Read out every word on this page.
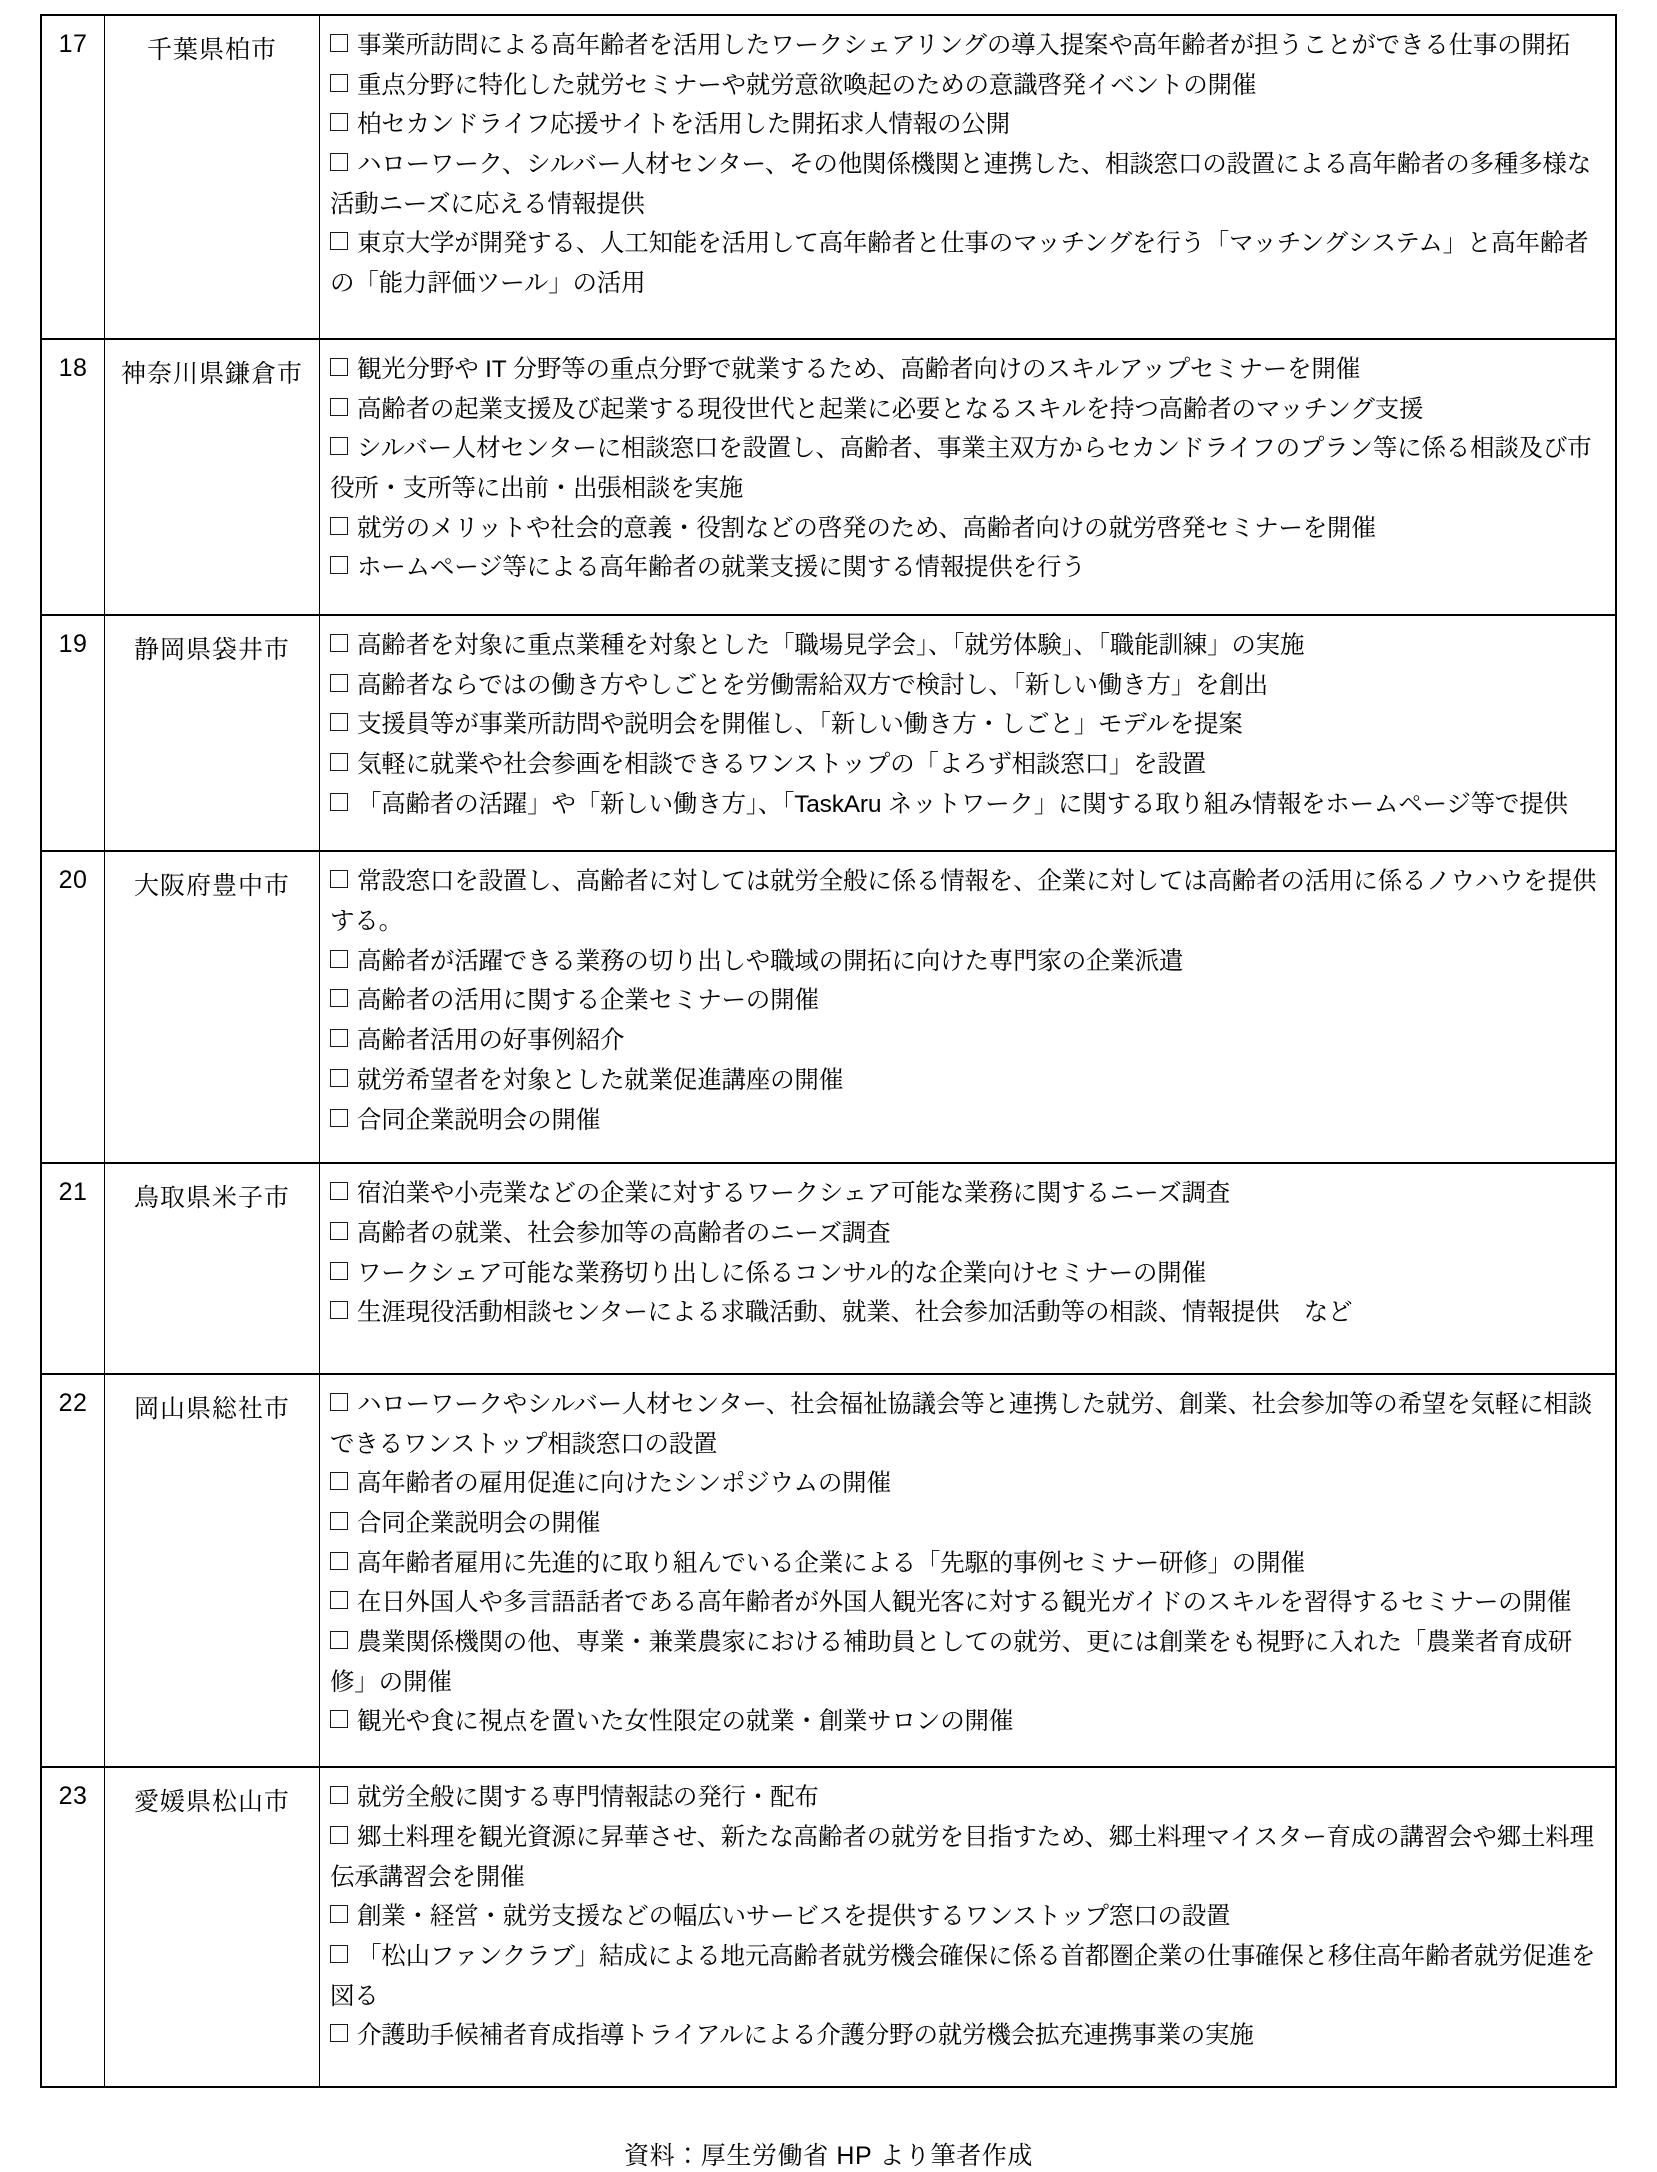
17	千葉県柏市	事業所訪問による高年齢者を活用したワークシェアリングの導入提案や高年齢者が担うことができる仕事の開拓
重点分野に特化した就労セミナーや就労意欲喚起のための意識啓発イベントの開催
柏セカンドライフ応援サイトを活用した開拓求人情報の公開
ハローワーク、シルバー人材センター、その他関係機関と連携した、相談窓口の設置による高年齢者の多種多様な活動ニーズに応える情報提供
東京大学が開発する、人工知能を活用して高年齢者と仕事のマッチングを行う「マッチングシステム」と高年齢者の「能力評価ツール」の活用

18	神奈川県鎌倉市	観光分野や IT 分野等の重点分野で就業するため、高齢者向けのスキルアップセミナーを開催
高齢者の起業支援及び起業する現役世代と起業に必要となるスキルを持つ高齢者のマッチング支援
シルバー人材センターに相談窓口を設置し、高齢者、事業主双方からセカンドライフのプラン等に係る相談及び市役所・支所等に出前・出張相談を実施
就労のメリットや社会的意義・役割などの啓発のため、高齢者向けの就労啓発セミナーを開催
ホームページ等による高年齢者の就業支援に関する情報提供を行う

19	静岡県袋井市	高齢者を対象に重点業種を対象とした「職場見学会」、「就労体験」、「職能訓練」の実施
高齢者ならではの働き方やしごとを労働需給双方で検討し、「新しい働き方」を創出
支援員等が事業所訪問や説明会を開催し、「新しい働き方・しごと」モデルを提案
気軽に就業や社会参画を相談できるワンストップの「よろず相談窓口」を設置
「高齢者の活躍」や「新しい働き方」、「TaskAru ネットワーク」に関する取り組み情報をホームページ等で提供

20	大阪府豊中市	常設窓口を設置し、高齢者に対しては就労全般に係る情報を、企業に対しては高齢者の活用に係るノウハウを提供する。
高齢者が活躍できる業務の切り出しや職域の開拓に向けた専門家の企業派遣
高齢者の活用に関する企業セミナーの開催
高齢者活用の好事例紹介
就労希望者を対象とした就業促進講座の開催
合同企業説明会の開催

21	鳥取県米子市	宿泊業や小売業などの企業に対するワークシェア可能な業務に関するニーズ調査
高齢者の就業、社会参加等の高齢者のニーズ調査
ワークシェア可能な業務切り出しに係るコンサル的な企業向けセミナーの開催
生涯現役活動相談センターによる求職活動、就業、社会参加活動等の相談、情報提供　など

22	岡山県総社市	ハローワークやシルバー人材センター、社会福祉協議会等と連携した就労、創業、社会参加等の希望を気軽に相談できるワンストップ相談窓口の設置
高年齢者の雇用促進に向けたシンポジウムの開催
合同企業説明会の開催
高年齢者雇用に先進的に取り組んでいる企業による「先駆的事例セミナー研修」の開催
在日外国人や多言語話者である高年齢者が外国人観光客に対する観光ガイドのスキルを習得するセミナーの開催
農業関係機関の他、専業・兼業農家における補助員としての就労、更には創業をも視野に入れた「農業者育成研修」の開催
観光や食に視点を置いた女性限定の就業・創業サロンの開催

23	愛媛県松山市	就労全般に関する専門情報誌の発行・配布
郷土料理を観光資源に昇華させ、新たな高齢者の就労を目指すため、郷土料理マイスター育成の講習会や郷土料理伝承講習会を開催
創業・経営・就労支援などの幅広いサービスを提供するワンストップ窓口の設置
「松山ファンクラブ」結成による地元高齢者就労機会確保に係る首都圏企業の仕事確保と移住高年齢者就労促進を図る
介護助手候補者育成指導トライアルによる介護分野の就労機会拡充連携事業の実施
資料：厚生労働省 HP より筆者作成
